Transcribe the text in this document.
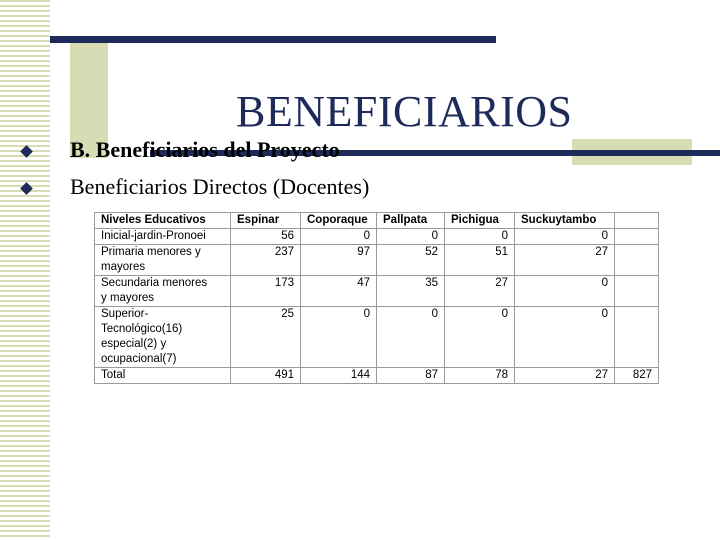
BENEFICIARIOS
B. Beneficiarios del Proyecto
Beneficiarios Directos (Docentes)
Niveles Educativos	Espinar	Coporaque	Pallpata	Pichigua	Suckuytambo	

Inicial-jardin-Pronoei	56	0	0	0	0	

Primaria menores y
mayores	237	97	52	51	27	

Secundaria menores
y mayores	173	47	35	27	0	

Superior-
Tecnológico(16)
especial(2) y
ocupacional(7)	25	0	0	0	0	

Total	491	144	87	78	27	827
